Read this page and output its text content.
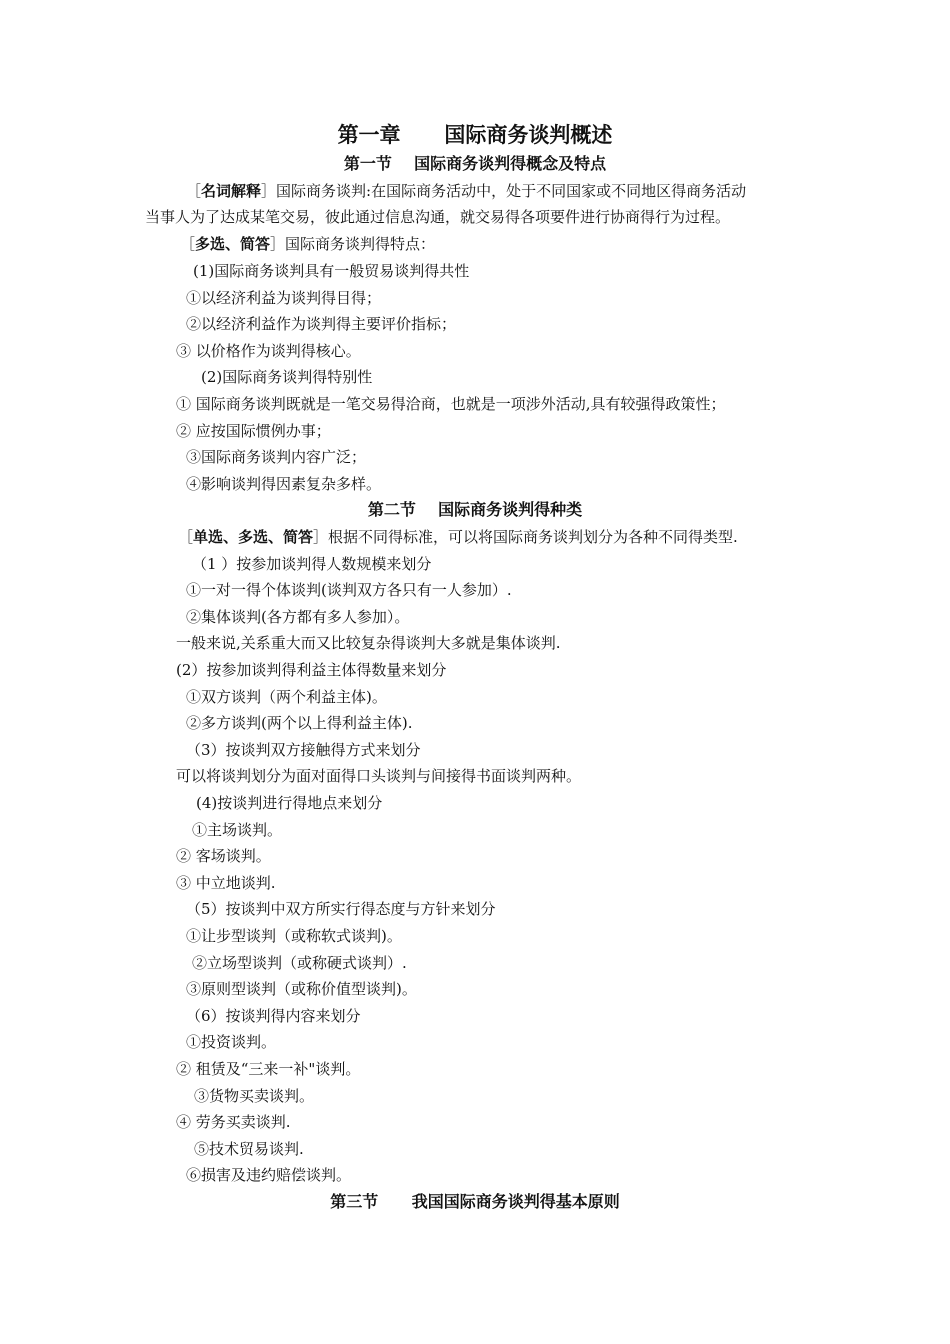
第一章      国际商务谈判概述
第一节    国际商务谈判得概念及特点
［名词解释］国际商务谈判:在国际商务活动中，处于不同国家或不同地区得商务活动
当事人为了达成某笔交易，彼此通过信息沟通，就交易得各项要件进行协商得行为过程。
［多选、简答］国际商务谈判得特点：
(1)国际商务谈判具有一般贸易谈判得共性
①以经济利益为谈判得目得；
②以经济利益作为谈判得主要评价指标；
③ 以价格作为谈判得核心。
(2)国际商务谈判得特别性
① 国际商务谈判既就是一笔交易得洽商，也就是一项涉外活动,具有较强得政策性；
② 应按国际惯例办事；
③国际商务谈判内容广泛；
④影响谈判得因素复杂多样。
第二节    国际商务谈判得种类
［单选、多选、简答］根据不同得标准，可以将国际商务谈判划分为各种不同得类型.
（1 ）按参加谈判得人数规模来划分
①一对一得个体谈判(谈判双方各只有一人参加）.
②集体谈判(各方都有多人参加）。
一般来说,关系重大而又比较复杂得谈判大多就是集体谈判.
(2）按参加谈判得利益主体得数量来划分
①双方谈判（两个利益主体)。
②多方谈判(两个以上得利益主体).
（3）按谈判双方接触得方式来划分
可以将谈判划分为面对面得口头谈判与间接得书面谈判两种。
(4)按谈判进行得地点来划分
①主场谈判。
② 客场谈判。
③ 中立地谈判.
（5）按谈判中双方所实行得态度与方针来划分
①让步型谈判（或称软式谈判)。
②立场型谈判（或称硬式谈判）.
③原则型谈判（或称价值型谈判)。
（6）按谈判得内容来划分
①投资谈判。
② 租赁及“三来一补"谈判。
③货物买卖谈判。
④ 劳务买卖谈判.
⑤技术贸易谈判.
⑥损害及违约赔偿谈判。
第三节      我国国际商务谈判得基本原则
